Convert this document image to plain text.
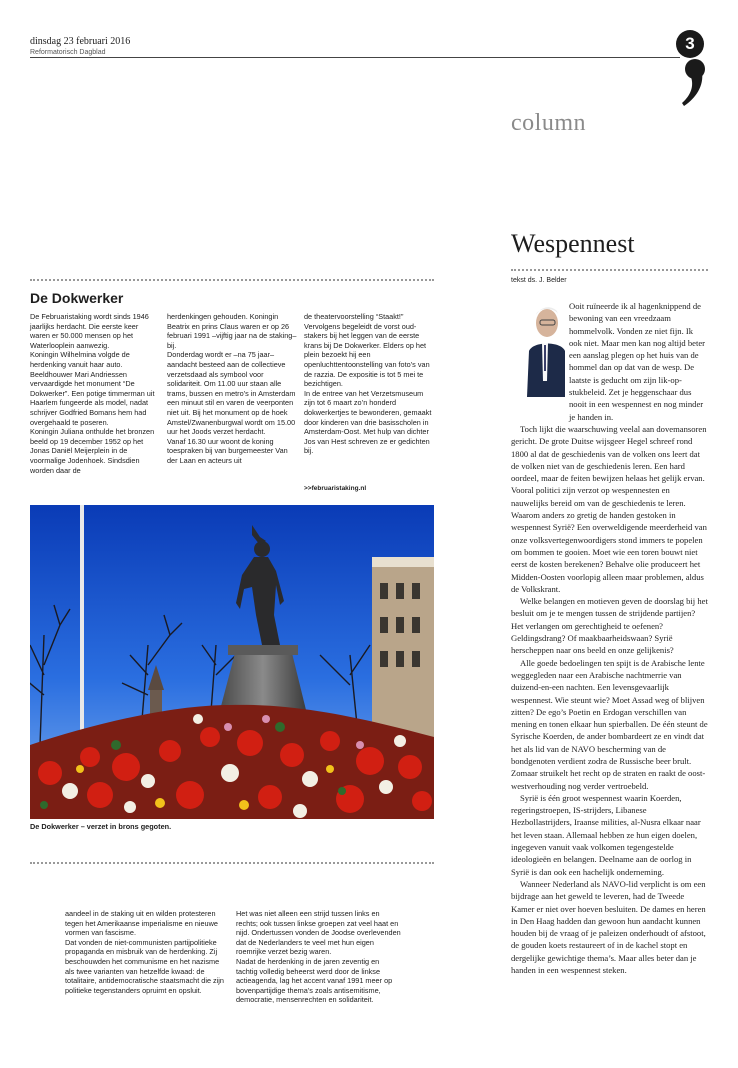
dinsdag 23 februari 2016
Reformatorisch Dagblad	3
column
Wespennest
tekst ds. J. Belder

Ooit ruïneerde ik al hagenknippend de bewoning van een vreedzaam hommelvolk. Vonden ze niet fijn. Ik ook niet. Maar men kan nog altijd beter een aanslag plegen op het huis van de hommel dan op dat van de wesp. De laatste is geducht om zijn lik-op-stukbeleid. Zet je heggenschaar dus nooit in een wespennest en nog minder je handen in.

Toch lijkt die waarschuwing veelal aan dovemansoren gericht. De grote Duitse wijsgeer Hegel schreef rond 1800 al dat de geschiedenis van de volken ons leert dat de volken niet van de geschiedenis leren. Een hard oordeel, maar de feiten bewijzen helaas het gelijk ervan. Vooral politici zijn verzot op wespennesten en nauwelijks bereid om van de geschiedenis te leren. Waarom anders zo gretig de handen gestoken in wespennest Syrië? Een overweldigende meerderheid van onze volksvertegenwoordigers stond immers te popelen om bommen te gooien. Moet wie een toren bouwt niet eerst de kosten berekenen? Behalve olie produceert het Midden-Oosten voorlopig alleen maar problemen, aldus de Volkskrant.

Welke belangen en motieven geven de doorslag bij het besluit om je te mengen tussen de strijdende partijen? Het verlangen om gerechtigheid te oefenen? Geldingsdrang? Of maakbaarheidswaan? Syrië herscheppen naar ons beeld en onze gelijkenis?

Alle goede bedoelingen ten spijt is de Arabische lente weggegleden naar een Arabische nachtmerrie van duizend-en-een nachten. Een levensgevaarlijk wespennest. Wie steunt wie? Moet Assad weg of blijven zitten? De ego’s Poetin en Erdogan verschillen van mening en tonen elkaar hun spierballen. De één steunt de Syrische Koerden, de ander bombardeert ze en vindt dat het als lid van de NAVO bescherming van de bondgenoten verdient zodra de Russische beer brult. Zomaar struikelt het recht op de straten en raakt de oost-westverhouding nog verder vertroebeld.

Syrië is één groot wespennest waarin Koerden, regeringstroepen, IS-strijders, Libanese Hezbollastrijders, Iraanse milities, al-Nusra elkaar naar het leven staan. Allemaal hebben ze hun eigen doelen, ingegeven vanuit vaak volkomen tegengestelde ideologieën en belangen. Deelname aan de oorlog in Syrië is dan ook een hachelijk onderneming.

Wanneer Nederland als NAVO-lid verplicht is om een bijdrage aan het geweld te leveren, had de Tweede Kamer er niet over hoeven besluiten. De dames en heren in Den Haag hadden dan gewoon hun aandacht kunnen houden bij de vraag of je paleizen onderhoudt of afstoot, de gouden koets restaureert of in de kachel stopt en dergelijke gewichtige thema’s. Maar alles beter dan je handen in een wespennest steken.

De Dokwerker

De Februaristaking wordt sinds 1946 jaarlijks herdacht. Die eerste keer waren er 50.000 mensen op het Waterlooplein aanwezig.

Koningin Wilhelmina volgde de herdenking vanuit haar auto.

Beeldhouwer Mari Andriessen vervaardigde het monument “De Dokwerker”. Een potige timmerman uit Haarlem fungeerde als model, nadat schrijver Godfried Bomans hem had overgehaald te poseren.

Koningin Juliana onthulde het bronzen beeld op 19 december 1952 op het Jonas Daniël Meijerplein in de voormalige Jodenhoek. Sindsdien worden daar de

herdenkingen gehouden. Koningin Beatrix en prins Claus waren er op 26 februari 1991 –vijftig jaar na de staking– bij.

Donderdag wordt er –na 75 jaar– aandacht besteed aan de collectieve verzetsdaad als symbool voor solidariteit. Om 11.00 uur staan alle trams, bussen en metro’s in Amsterdam een minuut stil en varen de veerponten niet uit. Bij het monument op de hoek Amstel/Zwanenburgwal wordt om 15.00 uur het Joods verzet herdacht.

Vanaf 16.30 uur woont de koning toespraken bij van burgemeester Van der Laan en acteurs uit

de theatervoorstelling “Staakt!” Vervolgens begeleidt de vorst oud-stakers bij het leggen van de eerste krans bij De Dokwerker. Elders op het plein bezoekt hij een openluchttentoonstelling van foto’s van de razzia. De expositie is tot 5 mei te bezichtigen.

In de entree van het Verzetsmuseum zijn tot 6 maart zo’n honderd dokwerkertjes te bewonderen, gemaakt door kinderen van drie basisscholen in Amsterdam-Oost. Met hulp van dichter Jos van Hest schreven ze er gedichten bij.

>>februaristaking.nl
De Dokwerker – verzet in brons gegoten.

aandeel in de staking uit en wilden protesteren tegen het Amerikaanse imperialisme en nieuwe vormen van fascisme.

Dat vonden de niet-communisten partijpolitieke propaganda en misbruik van de herdenking. Zij beschouwden het communisme en het nazisme als twee varianten van hetzelfde kwaad: de totalitaire, antidemocratische staatsmacht die zijn politieke tegenstanders opruimt en opsluit.

Het was niet alleen een strijd tussen links en rechts; ook tussen linkse groepen zat veel haat en nijd. Ondertussen vonden de Joodse overlevenden dat de Nederlanders te veel met hun eigen roemrijke verzet bezig waren.

Nadat de herdenking in de jaren zeventig en tachtig volledig beheerst werd door de linkse actieagenda, lag het accent vanaf 1991 meer op bovenpartijdige thema’s zoals antisemitisme, democratie, mensenrechten en solidariteit.
